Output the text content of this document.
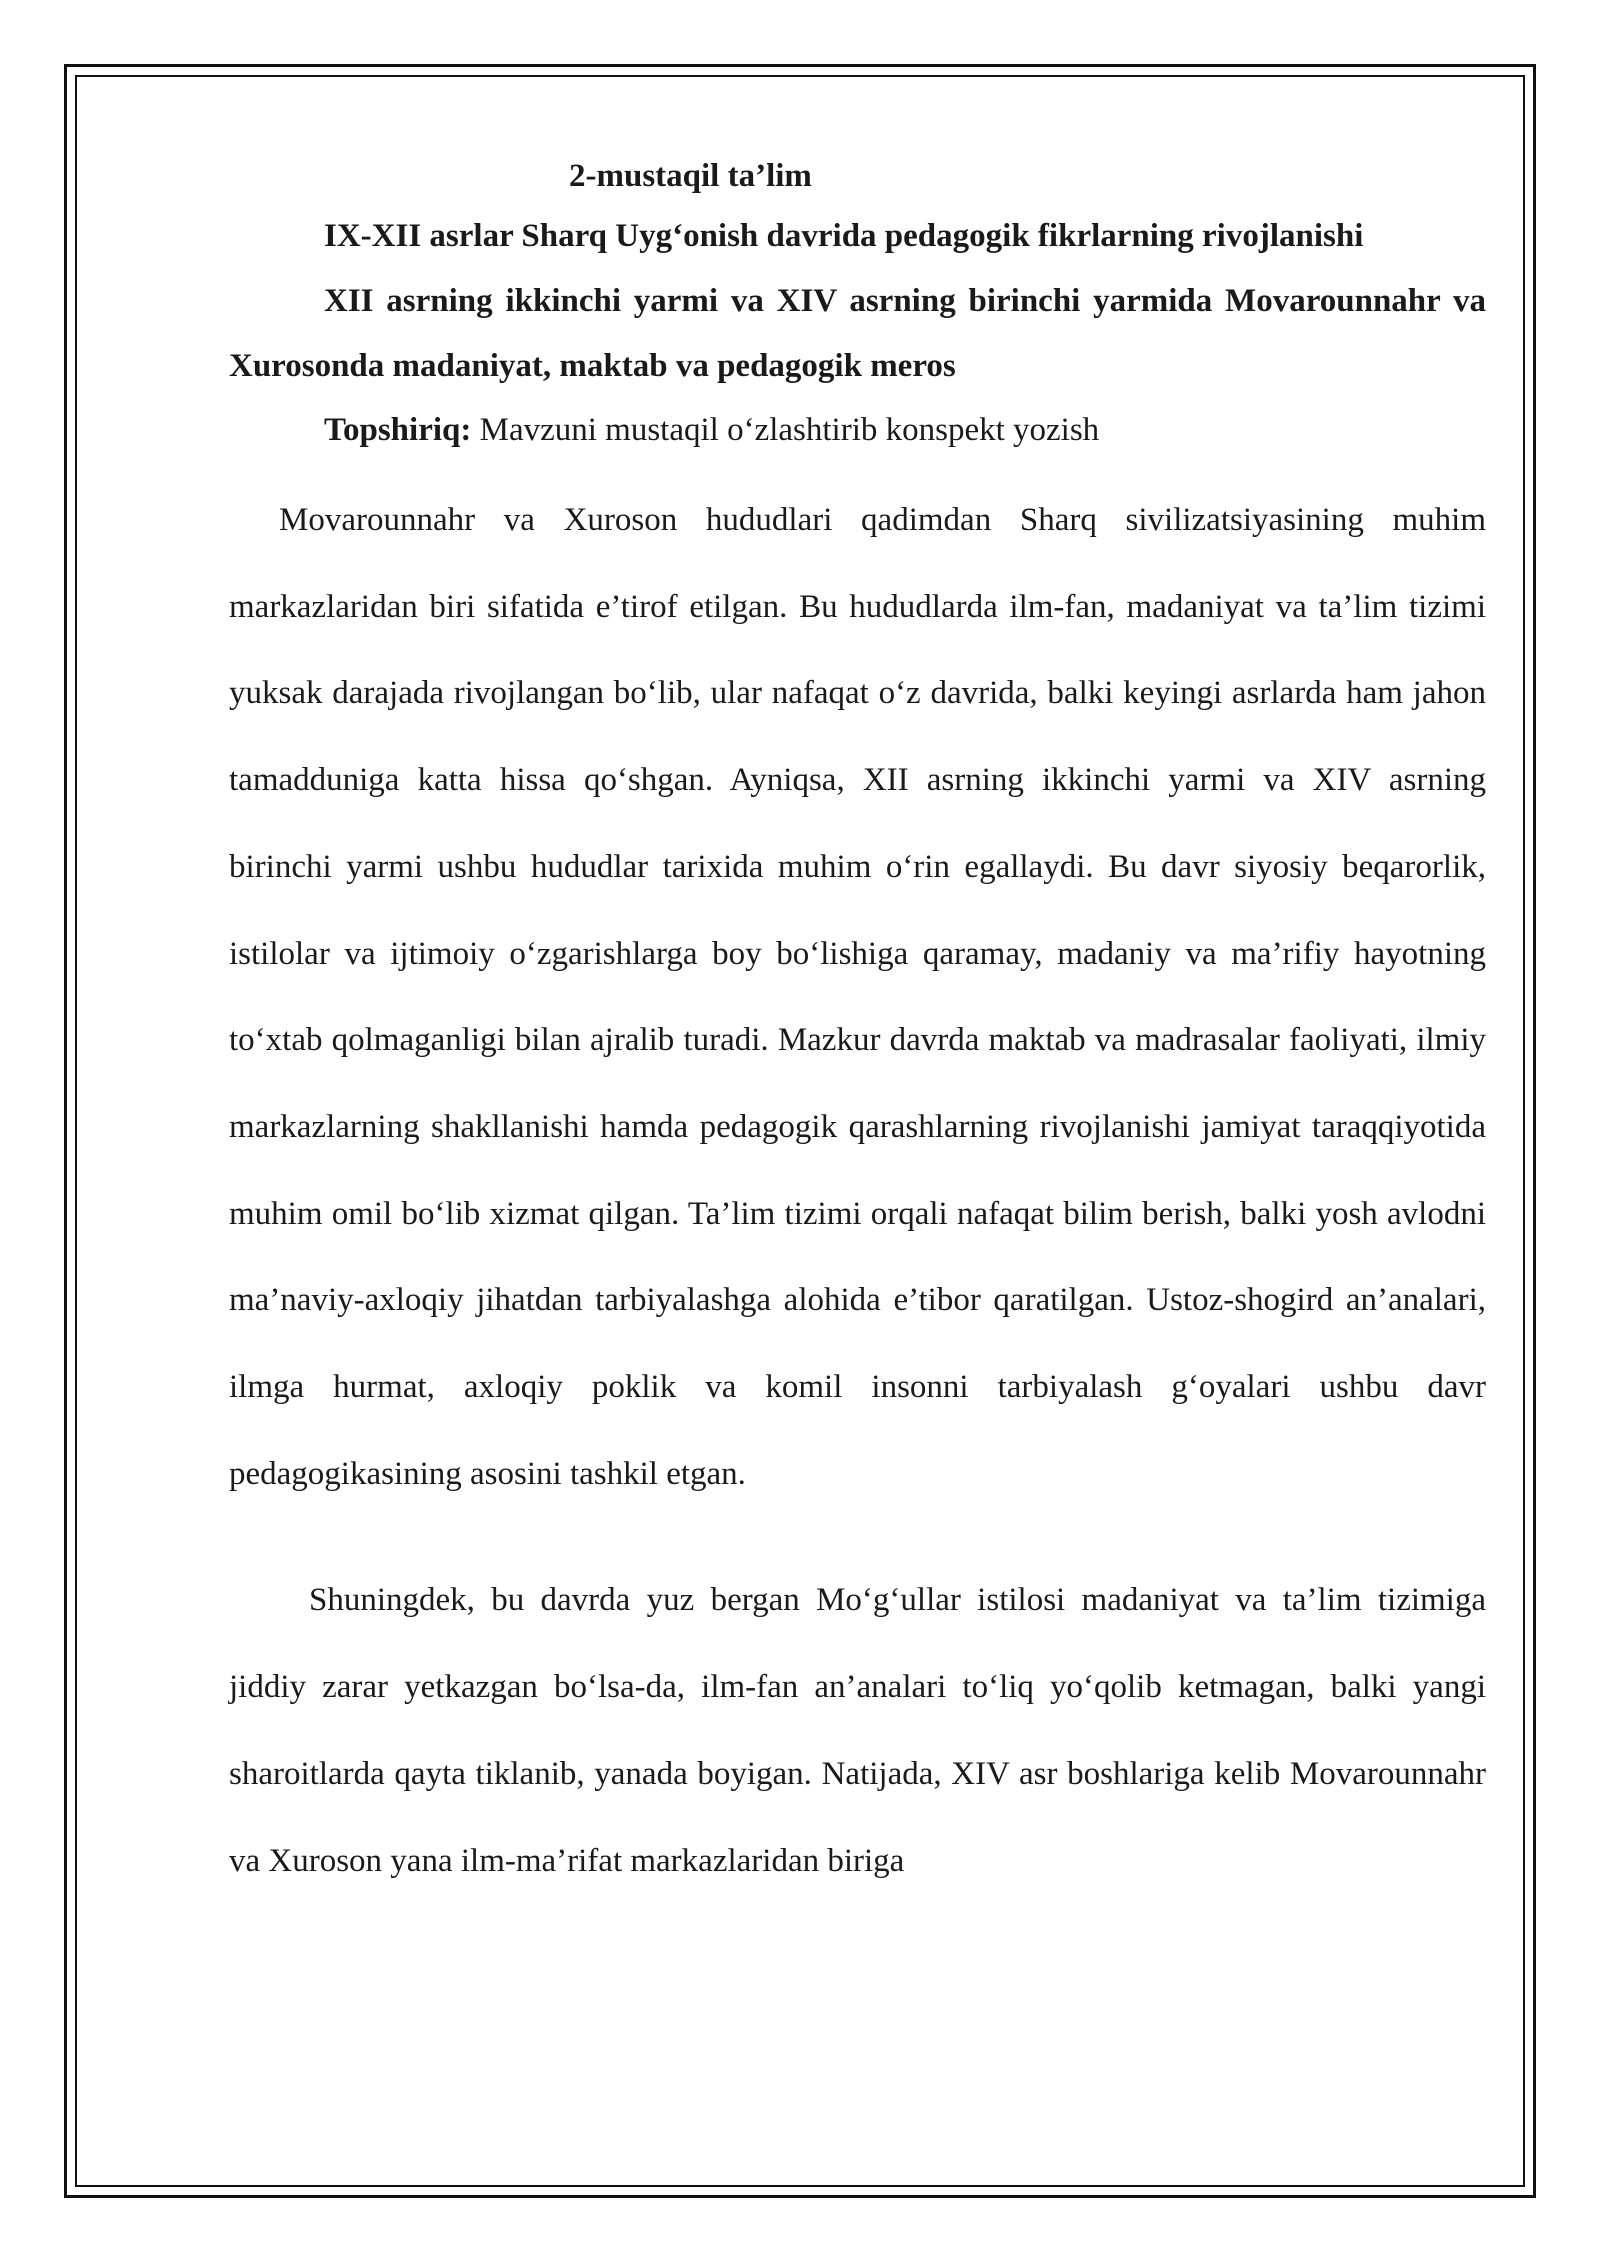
2-mustaqil ta’lim

IX-XII asrlar Sharq Uyg‘onish davrida pedagogik fikrlarning rivojlanishi

XII asrning ikkinchi yarmi va XIV asrning birinchi yarmida Movarounnahr va Xurosonda madaniyat, maktab va pedagogik meros

Topshiriq: Mavzuni mustaqil o‘zlashtirib konspekt yozish

Movarounnahr va Xuroson hududlari qadimdan Sharq sivilizatsiyasining muhim markazlaridan biri sifatida e’tirof etilgan. Bu hududlarda ilm-fan, madaniyat va ta’lim tizimi yuksak darajada rivojlangan bo‘lib, ular nafaqat o‘z davrida, balki keyingi asrlarda ham jahon tamadduniga katta hissa qo‘shgan. Ayniqsa, XII asrning ikkinchi yarmi va XIV asrning birinchi yarmi ushbu hududlar tarixida muhim o‘rin egallaydi. Bu davr siyosiy beqarorlik, istilolar va ijtimoiy o‘zgarishlarga boy bo‘lishiga qaramay, madaniy va ma’rifiy hayotning to‘xtab qolmaganligi bilan ajralib turadi. Mazkur davrda maktab va madrasalar faoliyati, ilmiy markazlarning shakllanishi hamda pedagogik qarashlarning rivojlanishi jamiyat taraqqiyotida muhim omil bo‘lib xizmat qilgan. Ta’lim tizimi orqali nafaqat bilim berish, balki yosh avlodni ma’naviy-axloqiy jihatdan tarbiyalashga alohida e’tibor qaratilgan. Ustoz-shogird an’analari, ilmga hurmat, axloqiy poklik va komil insonni tarbiyalash g‘oyalari ushbu davr pedagogikasining asosini tashkil etgan.

Shuningdek, bu davrda yuz bergan Mo‘g‘ullar istilosi madaniyat va ta’lim tizimiga jiddiy zarar yetkazgan bo‘lsa-da, ilm-fan an’analari to‘liq yo‘qolib ketmagan, balki yangi sharoitlarda qayta tiklanib, yanada boyigan. Natijada, XIV asr boshlariga kelib Movarounnahr va Xuroson yana ilm-ma’rifat markazlaridan biriga
